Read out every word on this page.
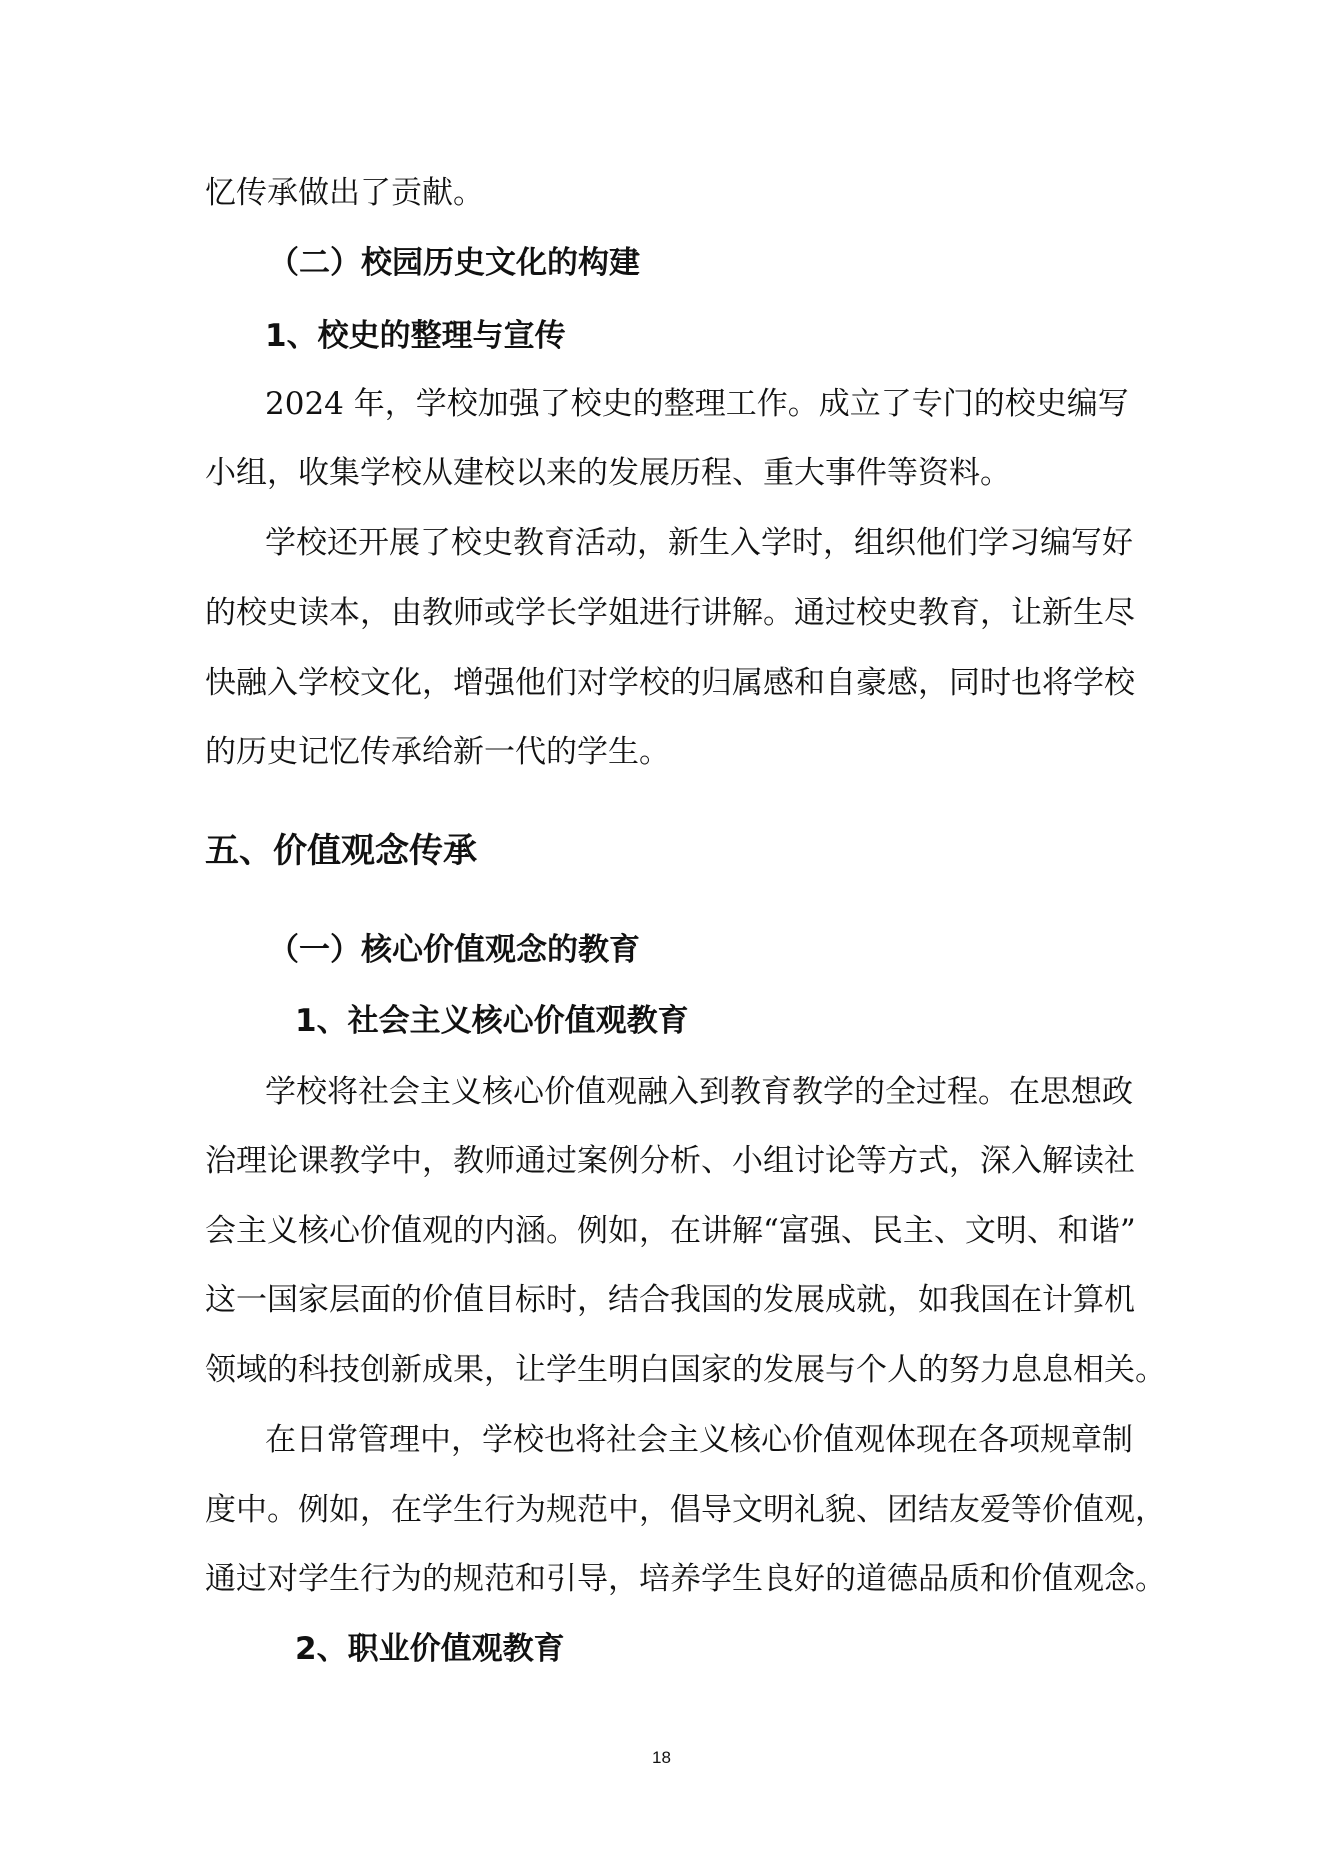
忆传承做出了贡献。
（二）校园历史文化的构建
1、校史的整理与宣传
2024 年，学校加强了校史的整理工作。成立了专门的校史编写
小组，收集学校从建校以来的发展历程、重大事件等资料。
学校还开展了校史教育活动，新生入学时，组织他们学习编写好
的校史读本，由教师或学长学姐进行讲解。通过校史教育，让新生尽
快融入学校文化，增强他们对学校的归属感和自豪感，同时也将学校
的历史记忆传承给新一代的学生。
五、价值观念传承
（一）核心价值观念的教育
1、社会主义核心价值观教育
学校将社会主义核心价值观融入到教育教学的全过程。在思想政
治理论课教学中，教师通过案例分析、小组讨论等方式，深入解读社
会主义核心价值观的内涵。例如，在讲解“富强、民主、文明、和谐”
这一国家层面的价值目标时，结合我国的发展成就，如我国在计算机
领域的科技创新成果，让学生明白国家的发展与个人的努力息息相关。
在日常管理中，学校也将社会主义核心价值观体现在各项规章制
度中。例如，在学生行为规范中，倡导文明礼貌、团结友爱等价值观，
通过对学生行为的规范和引导，培养学生良好的道德品质和价值观念。
2、职业价值观教育
18
